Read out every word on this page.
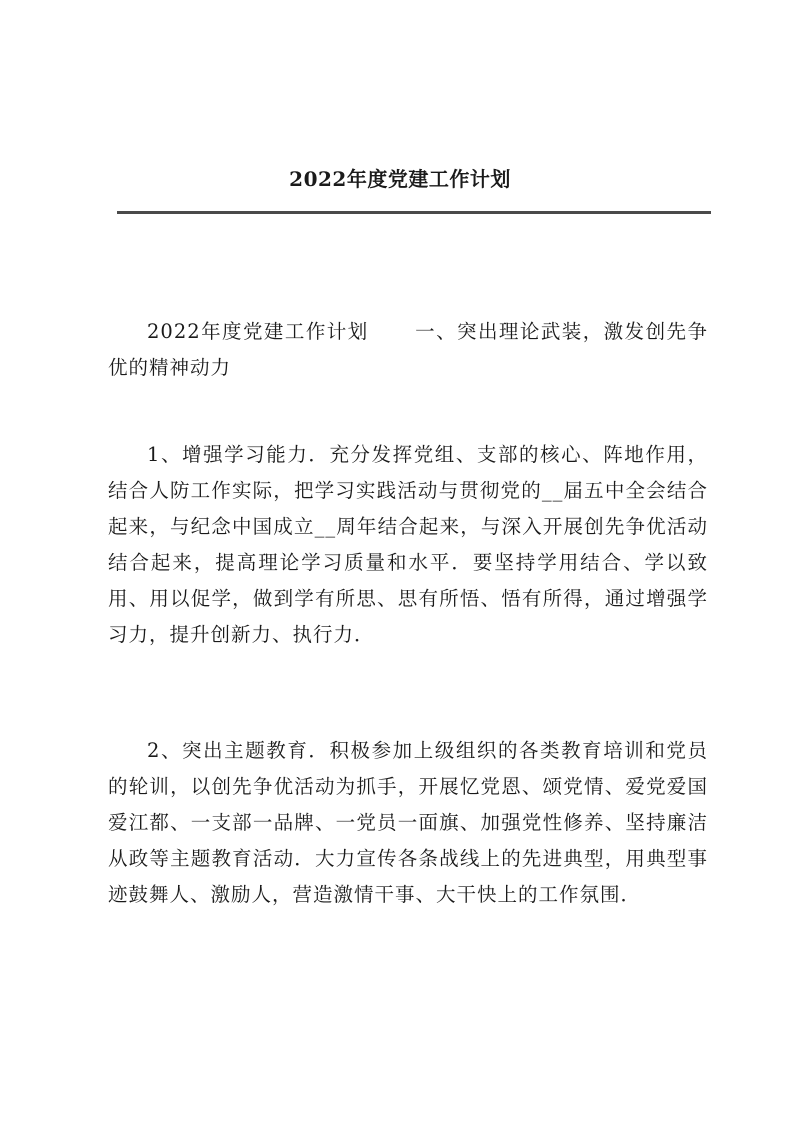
2022年度党建工作计划

2022年度党建工作计划 一、突出理论武装，激发创先争优的精神动力

1、增强学习能力．充分发挥党组、支部的核心、阵地作用，结合人防工作实际，把学习实践活动与贯彻党的__届五中全会结合起来，与纪念中国成立__周年结合起来，与深入开展创先争优活动结合起来，提高理论学习质量和水平．要坚持学用结合、学以致用、用以促学，做到学有所思、思有所悟、悟有所得，通过增强学习力，提升创新力、执行力．

2、突出主题教育．积极参加上级组织的各类教育培训和党员的轮训，以创先争优活动为抓手，开展忆党恩、颂党情、爱党爱国爱江都、一支部一品牌、一党员一面旗、加强党性修养、坚持廉洁从政等主题教育活动．大力宣传各条战线上的先进典型，用典型事迹鼓舞人、激励人，营造激情干事、大干快上的工作氛围．
